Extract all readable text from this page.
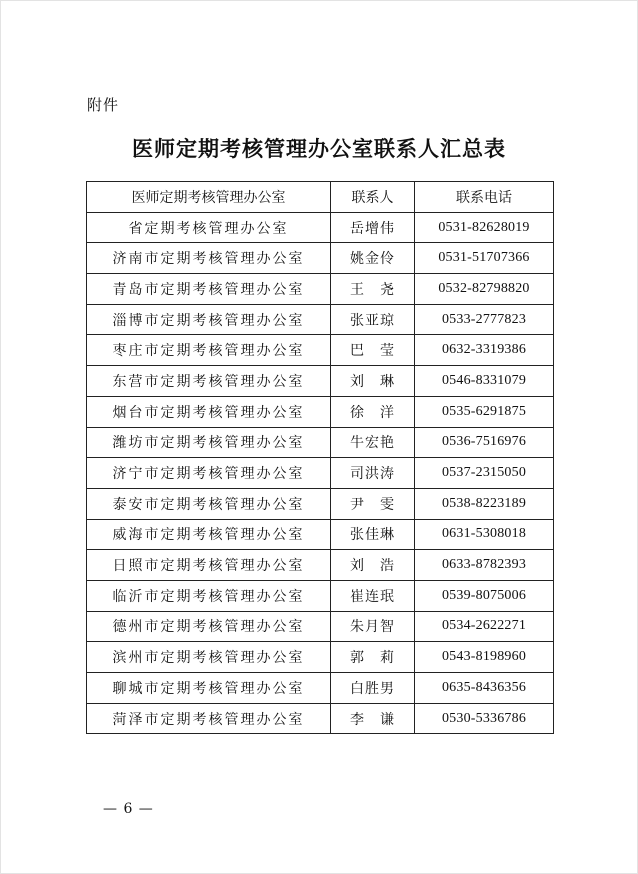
附件
医师定期考核管理办公室联系人汇总表
医师定期考核管理办公室	联系人	联系电话
省定期考核管理办公室	岳增伟	0531-82628019
济南市定期考核管理办公室	姚金伶	0531-51707366
青岛市定期考核管理办公室	王　尧	0532-82798820
淄博市定期考核管理办公室	张亚琼	0533-2777823
枣庄市定期考核管理办公室	巴　莹	0632-3319386
东营市定期考核管理办公室	刘　琳	0546-8331079
烟台市定期考核管理办公室	徐　洋	0535-6291875
潍坊市定期考核管理办公室	牛宏艳	0536-7516976
济宁市定期考核管理办公室	司洪涛	0537-2315050
泰安市定期考核管理办公室	尹　雯	0538-8223189
威海市定期考核管理办公室	张佳琳	0631-5308018
日照市定期考核管理办公室	刘　浩	0633-8782393
临沂市定期考核管理办公室	崔连珉	0539-8075006
德州市定期考核管理办公室	朱月智	0534-2622271
滨州市定期考核管理办公室	郭　莉	0543-8198960
聊城市定期考核管理办公室	白胜男	0635-8436356
菏泽市定期考核管理办公室	李　谦	0530-5336786
— 6 —
